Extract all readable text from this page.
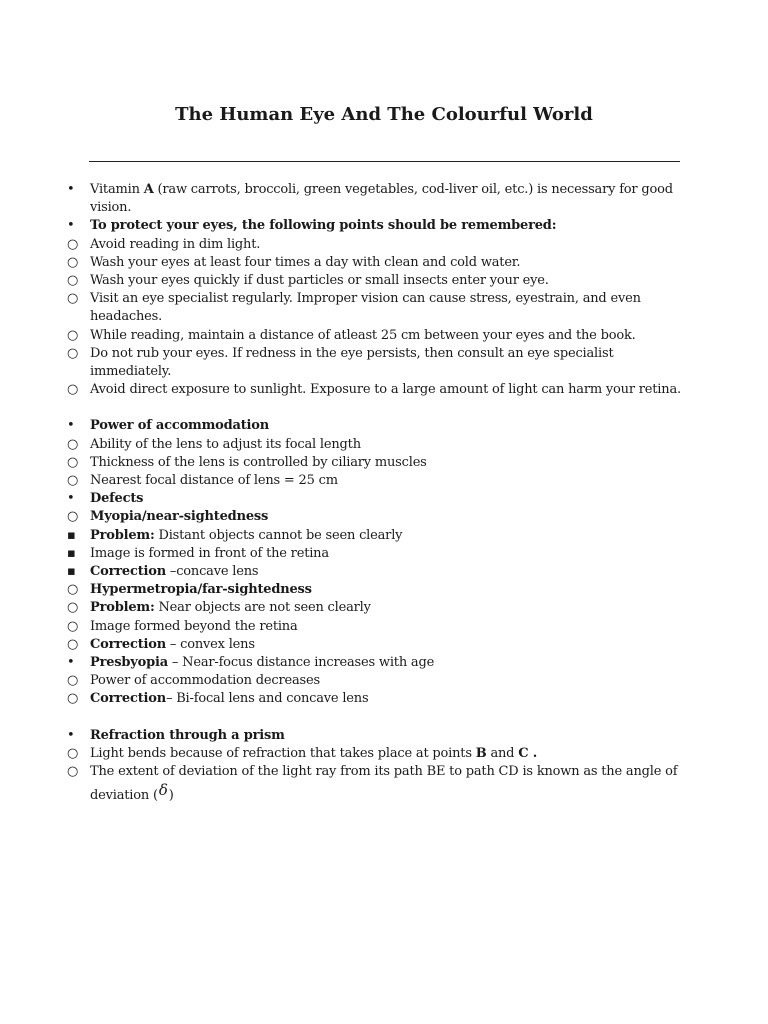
The Human Eye And The Colourful World
•	Vitamin A (raw carrots, broccoli, green vegetables, cod-liver oil, etc.) is necessary for good vision.
•	To protect your eyes, the following points should be remembered:
○ Avoid reading in dim light.
○ Wash your eyes at least four times a day with clean and cold water.
○ Wash your eyes quickly if dust particles or small insects enter your eye.
○ Visit an eye specialist regularly. Improper vision can cause stress, eyestrain, and even headaches.
○ While reading, maintain a distance of atleast 25 cm between your eyes and the book.
○ Do not rub your eyes. If redness in the eye persists, then consult an eye specialist immediately.
○ Avoid direct exposure to sunlight. Exposure to a large amount of light can harm your retina.
•	Power of accommodation
○ Ability of the lens to adjust its focal length
○ Thickness of the lens is controlled by ciliary muscles
○ Nearest focal distance of lens = 25 cm
•	Defects
○ Myopia/near-sightedness
▪	Problem: Distant objects cannot be seen clearly
▪	Image is formed in front of the retina
▪	Correction –concave lens
○ Hypermetropia/far-sightedness
○ Problem: Near objects are not seen clearly
○ Image formed beyond the retina
○ Correction – convex lens
•	Presbyopia – Near-focus distance increases with age
○ Power of accommodation decreases
○ Correction– Bi-focal lens and concave lens
•	Refraction through a prism
○ Light bends because of refraction that takes place at points B and C .
○ The extent of deviation of the light ray from its path BE to path CD is known as the angle of deviation (δ)
